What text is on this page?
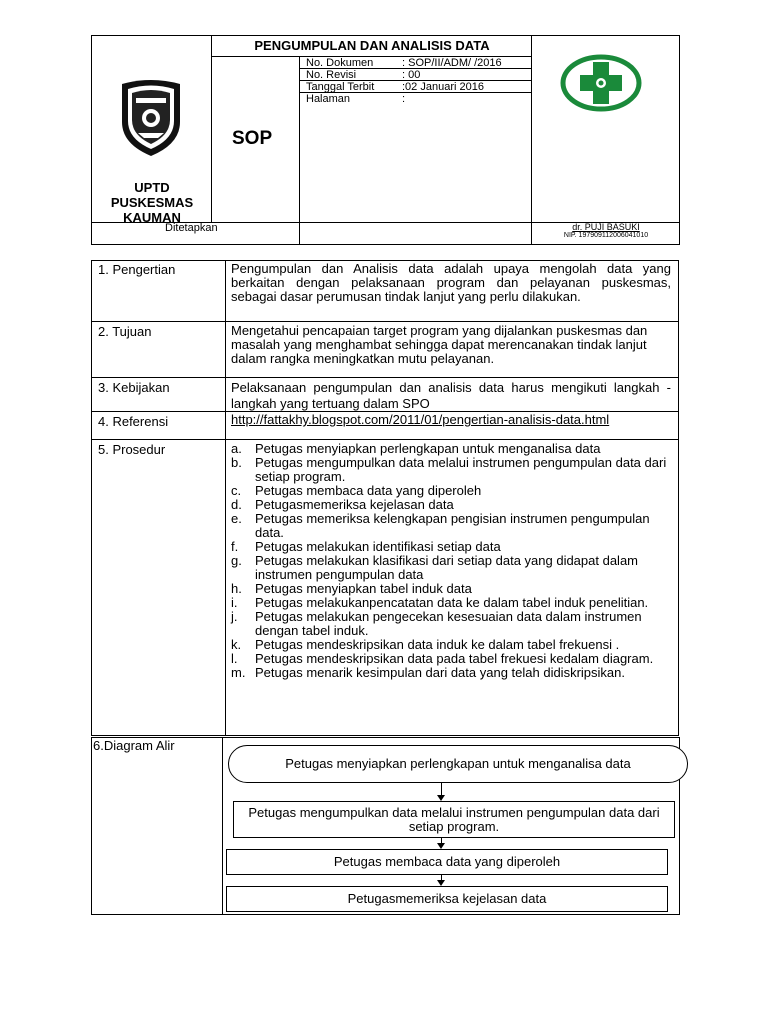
PENGUMPULAN DAN ANALISIS DATA
UPTD
PUSKESMAS
KAUMAN
SOP
No. Dokumen	: SOP/II/ADM/ /2016
No. Revisi	: 00
Tanggal Terbit	:02 Januari 2016
Halaman	:
Ditetapkan	dr. PUJI BASUKI
NIP. 197909112006041010
1. Pengertian	Pengumpulan dan Analisis data adalah upaya mengolah data yang berkaitan dengan pelaksanaan program dan pelayanan puskesmas, sebagai dasar perumusan tindak lanjut yang perlu dilakukan.
2. Tujuan	Mengetahui pencapaian target program yang dijalankan puskesmas dan masalah yang menghambat sehingga dapat merencanakan tindak lanjut dalam rangka meningkatkan mutu pelayanan.
3. Kebijakan	Pelaksanaan pengumpulan dan analisis data harus mengikuti langkah - langkah yang tertuang dalam SPO
4. Referensi	http://fattakhy.blogspot.com/2011/01/pengertian-analisis-data.html
5. Prosedur	a. Petugas menyiapkan perlengkapan untuk menganalisa data
b. Petugas mengumpulkan data melalui instrumen pengumpulan data dari setiap program.
c. Petugas membaca data yang diperoleh
d. Petugasmemeriksa kejelasan data
e. Petugas memeriksa kelengkapan pengisian instrumen pengumpulan data.
f. Petugas melakukan identifikasi setiap data
g. Petugas melakukan klasifikasi dari setiap data yang didapat dalam instrumen pengumpulan data
h. Petugas menyiapkan tabel induk data
i. Petugas melakukanpencatatan data ke dalam tabel induk penelitian.
j. Petugas melakukan pengecekan kesesuaian data dalam instrumen dengan tabel induk.
k. Petugas mendeskripsikan data induk ke dalam tabel frekuensi .
l. Petugas mendeskripsikan data pada tabel frekuesi kedalam diagram.
m. Petugas menarik kesimpulan dari data yang telah didiskripsikan.
6.Diagram Alir
Petugas menyiapkan perlengkapan untuk menganalisa data
Petugas mengumpulkan data melalui instrumen pengumpulan data dari setiap program.
Petugas membaca data yang diperoleh
Petugasmemeriksa kejelasan data
